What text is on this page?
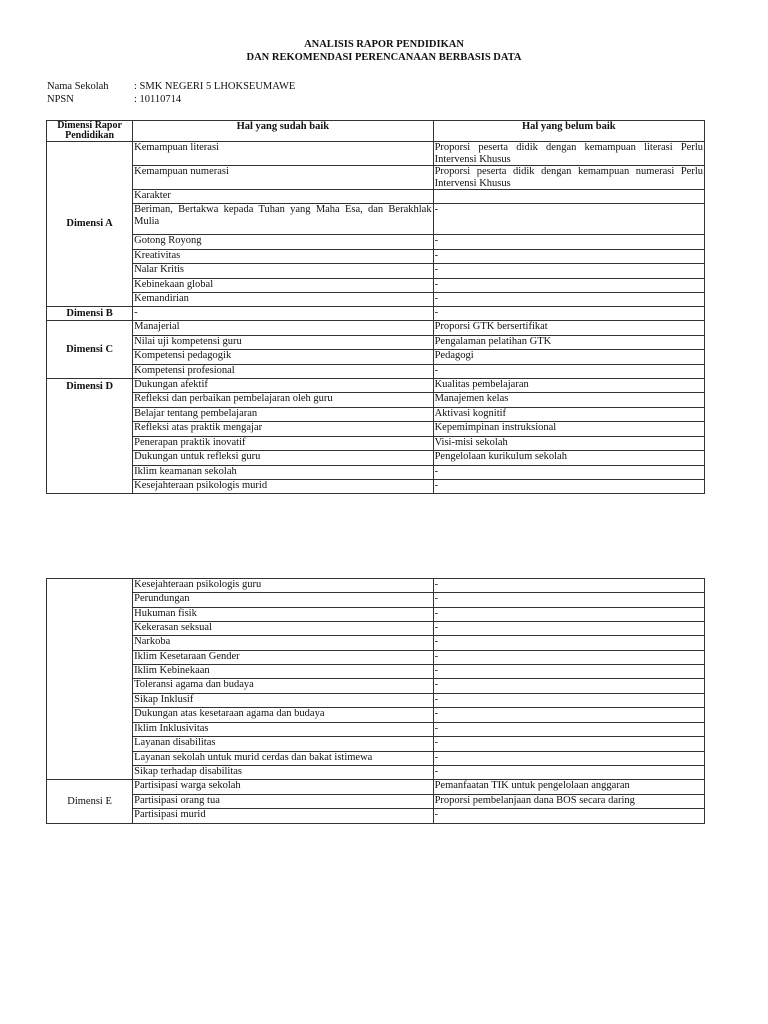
ANALISIS RAPOR PENDIDIKAN
DAN REKOMENDASI PERENCANAAN BERBASIS DATA
Nama Sekolah : SMK NEGERI 5 LHOKSEUMAWE
NPSN	: 10110714
Dimensi Rapor Pendidikan	Hal yang sudah baik	Hal yang belum baik
Dimensi A	Kemampuan literasi	Proporsi peserta didik dengan kemampuan literasi Perlu Intervensi Khusus
	Kemampuan numerasi	Proporsi peserta didik dengan kemampuan numerasi Perlu Intervensi Khusus
	Karakter	
	Beriman, Bertakwa kepada Tuhan yang Maha Esa, dan Berakhlak Mulia	-
	Gotong Royong	-
	Kreativitas	-
	Nalar Kritis	-
	Kebinekaan global	-
	Kemandirian	-
Dimensi B	-	-
Dimensi C	Manajerial	Proporsi GTK bersertifikat
	Nilai uji kompetensi guru	Pengalaman pelatihan GTK
	Kompetensi pedagogik	Pedagogi
	Kompetensi profesional	-
Dimensi D	Dukungan afektif	Kualitas pembelajaran
	Refleksi dan perbaikan pembelajaran oleh guru	Manajemen kelas
	Belajar tentang pembelajaran	Aktivasi kognitif
	Refleksi atas praktik mengajar	Kepemimpinan instruksional
	Penerapan praktik inovatif	Visi-misi sekolah
	Dukungan untuk refleksi guru	Pengelolaan kurikulum sekolah
	Iklim keamanan sekolah	-
	Kesejahteraan psikologis murid	-
	Kesejahteraan psikologis guru	-
	Perundungan	-
	Hukuman fisik	-
	Kekerasan seksual	-
	Narkoba	-
	Iklim Kesetaraan Gender	-
	Iklim Kebinekaan	-
	Toleransi agama dan budaya	-
	Sikap Inklusif	-
	Dukungan atas kesetaraan agama dan budaya	-
	Iklim Inklusivitas	-
	Layanan disabilitas	-
	Layanan sekolah untuk murid cerdas dan bakat istimewa	-
	Sikap terhadap disabilitas	-
Dimensi E	Partisipasi warga sekolah	Pemanfaatan TIK untuk pengelolaan anggaran
	Partisipasi orang tua	Proporsi pembelanjaan dana BOS secara daring
	Partisipasi murid	-
